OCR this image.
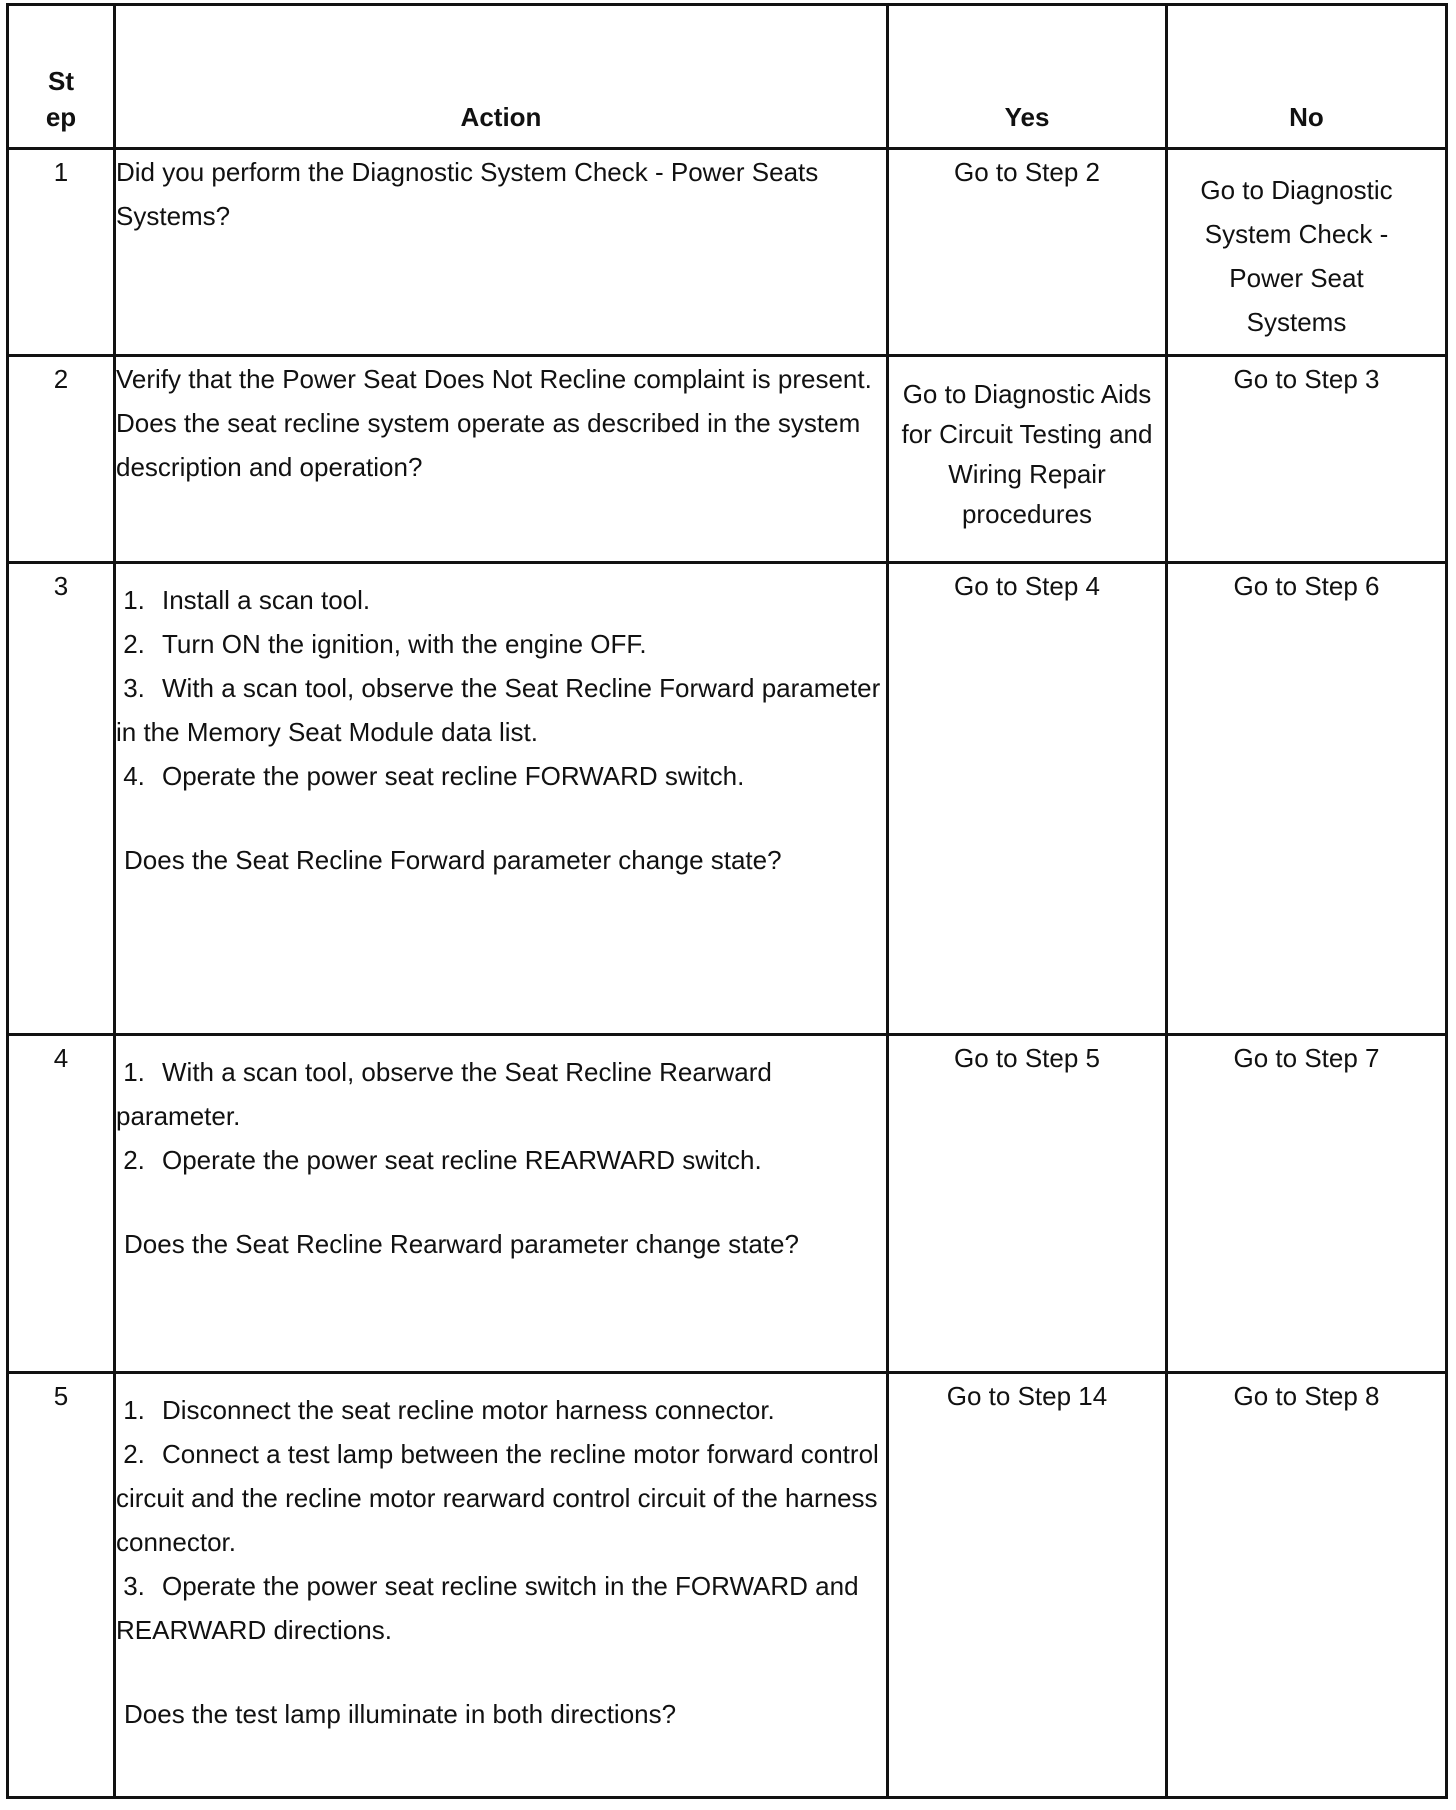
St
ep	Action	Yes	No
1	Did you perform the Diagnostic System Check - Power Seats Systems?	Go to Step 2	Go to Diagnostic System Check - Power Seat Systems
2	Verify that the Power Seat Does Not Recline complaint is present. Does the seat recline system operate as described in the system description and operation?	Go to Diagnostic Aids for Circuit Testing and Wiring Repair procedures	Go to Step 3
3	1. Install a scan tool.
2. Turn ON the ignition, with the engine OFF.
3. With a scan tool, observe the Seat Recline Forward parameter in the Memory Seat Module data list.
4. Operate the power seat recline FORWARD switch.
Does the Seat Recline Forward parameter change state?	Go to Step 4	Go to Step 6
4	1. With a scan tool, observe the Seat Recline Rearward parameter.
2. Operate the power seat recline REARWARD switch.
Does the Seat Recline Rearward parameter change state?	Go to Step 5	Go to Step 7
5	1. Disconnect the seat recline motor harness connector.
2. Connect a test lamp between the recline motor forward control circuit and the recline motor rearward control circuit of the harness connector.
3. Operate the power seat recline switch in the FORWARD and REARWARD directions.
Does the test lamp illuminate in both directions?	Go to Step 14	Go to Step 8
